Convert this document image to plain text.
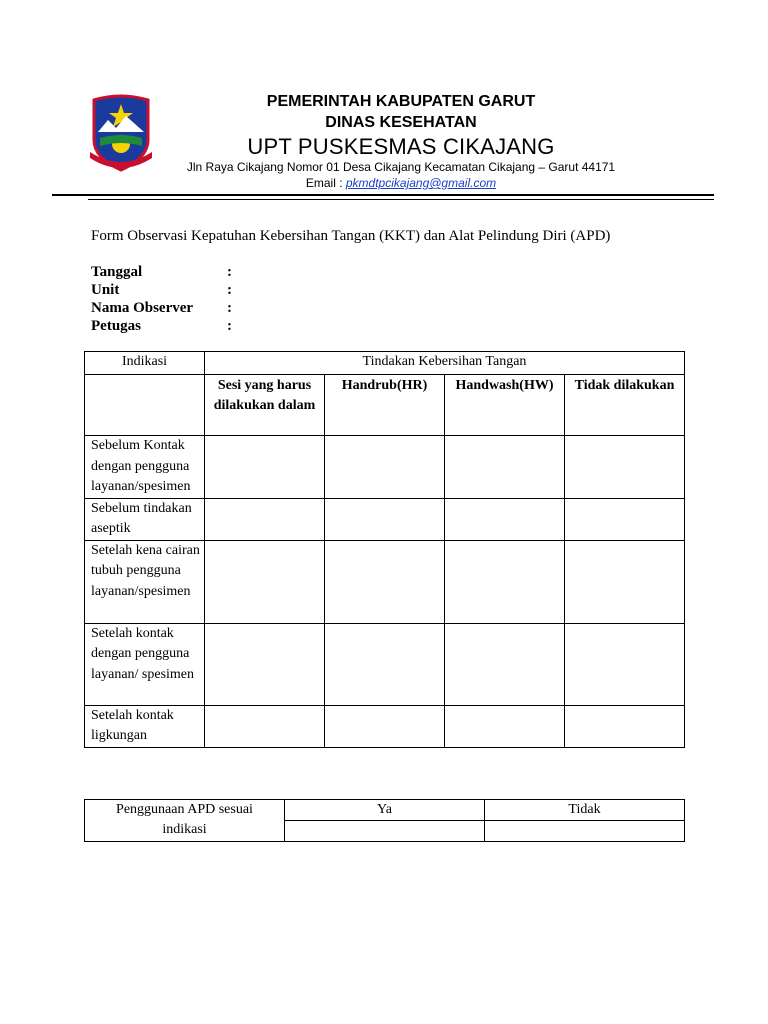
PEMERINTAH KABUPATEN GARUT
DINAS KESEHATAN
UPT PUSKESMAS CIKAJANG
Jln Raya Cikajang Nomor 01 Desa Cikajang Kecamatan Cikajang – Garut 44171
Email : pkmdtpcikajang@gmail.com
Form Observasi Kepatuhan Kebersihan Tangan (KKT) dan Alat Pelindung Diri (APD)
Tanggal	:
Unit	:
Nama Observer	:
Petugas	:
Indikasi	Tindakan Kebersihan Tangan			
	Sesi yang harus dilakukan dalam	Handrub(HR)	Handwash(HW)	Tidak dilakukan
Sebelum Kontak dengan pengguna layanan/spesimen				
Sebelum tindakan aseptik				
Setelah kena cairan tubuh pengguna layanan/spesimen				
Setelah kontak dengan pengguna layanan/ spesimen				
Setelah kontak ligkungan				
Penggunaan APD sesuai indikasi	Ya	Tidak
